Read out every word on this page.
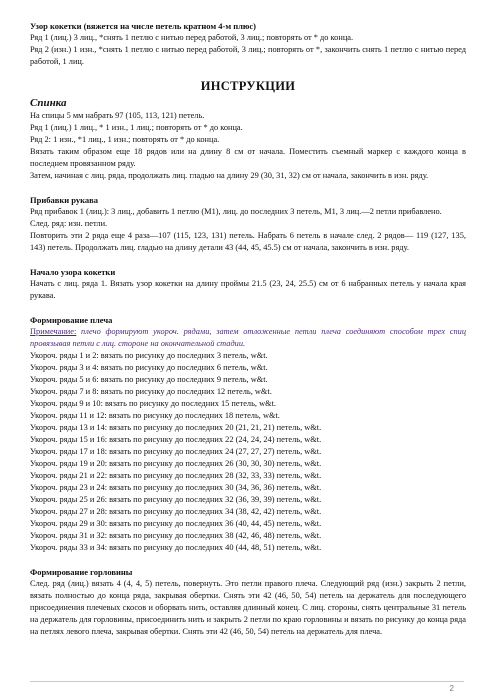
Узор кокетки (вяжется на числе петель кратном 4-м плюс)

Ряд 1 (лиц.) 3 лиц., *снять 1 петлю с нитью перед работой, 3 лиц.; повторять от * до конца.

Ряд 2 (изн.) 1 изн., *снять 1 петлю с нитью перед работой, 3 лиц.; повторять от *, закончить снять 1 петлю с нитью перед работой, 1 лиц.

ИНСТРУКЦИИ
Спинка

На спицы 5 мм набрать 97 (105, 113, 121) петель.

Ряд 1 (лиц.) 1 лиц., * 1 изн., 1 лиц.; повторять от * до конца.

Ряд 2: 1 изн., *1 лиц., 1 изн.; повторять от * до конца.

Вязать таким образом еще 18 рядов или на длину 8 см от начала. Поместить съемный маркер с каждого конца в последнем провязанном ряду.

Затем, начиная с лиц. ряда, продолжать лиц. гладью на длину 29 (30, 31, 32) см от начала, закончить в изн. ряду.

Прибавки рукава

Ряд прибавок 1 (лиц.): 3 лиц., добавить 1 петлю (М1), лиц. до последних 3 петель, М1, 3 лиц.—2 петли прибавлено.

След. ряд: изн. петли.

Повторить эти 2 ряда еще 4 раза—107 (115, 123, 131) петель. Набрать 6 петель в начале след. 2 рядов— 119 (127, 135, 143) петель. Продолжать лиц. гладью на длину детали 43 (44, 45, 45.5) см от начала, закончить в изн. ряду.

Начало узора кокетки

Начать с лиц. ряда 1. Вязать узор кокетки на длину проймы 21.5 (23, 24, 25.5) см от 6 набранных петель у начала края рукава.

Формирование плеча

Примечание: плечо формируют укороч. рядами, затем отложенные петли плеча соединяют способом трех спиц провязывая петли с лиц. стороне на окончательной стадии.

Укороч. ряды 1 и 2: вязать по рисунку до последних 3 петель, w&t.

Укороч. ряды 3 и 4: вязать по рисунку до последних 6 петель, w&t.

Укороч. ряды 5 и 6: вязать по рисунку до последних 9 петель, w&t.

Укороч. ряды 7 и 8: вязать по рисунку до последних 12 петель, w&t.

Укороч. ряды 9 и 10: вязать по рисунку до последних 15 петель, w&t.

Укороч. ряды 11 и 12: вязать по рисунку до последних 18 петель, w&t.

Укороч. ряды 13 и 14: вязать по рисунку до последних 20 (21, 21, 21) петель, w&t.

Укороч. ряды 15 и 16: вязать по рисунку до последних 22 (24, 24, 24) петель, w&t.

Укороч. ряды 17 и 18: вязать по рисунку до последних 24 (27, 27, 27) петель, w&t.

Укороч. ряды 19 и 20: вязать по рисунку до последних 26 (30, 30, 30) петель, w&t.

Укороч. ряды 21 и 22: вязать по рисунку до последних 28 (32, 33, 33) петель, w&t.

Укороч. ряды 23 и 24: вязать по рисунку до последних 30 (34, 36, 36) петель, w&t.

Укороч. ряды 25 и 26: вязать по рисунку до последних 32 (36, 39, 39) петель, w&t.

Укороч. ряды 27 и 28: вязать по рисунку до последних 34 (38, 42, 42) петель, w&t.

Укороч. ряды 29 и 30: вязать по рисунку до последних 36 (40, 44, 45) петель, w&t.

Укороч. ряды 31 и 32: вязать по рисунку до последних 38 (42, 46, 48) петель, w&t.

Укороч. ряды 33 и 34: вязать по рисунку до последних 40 (44, 48, 51) петель, w&t.

Формирование горловины

След. ряд (лиц.) вязать 4 (4, 4, 5) петель, повернуть. Это петли правого плеча. Следующий ряд (изн.) закрыть 2 петли, вязать полностью до конца ряда, закрывая обертки. Снять эти 42 (46, 50, 54) петель на держатель для последующего присоединения плечевых скосов и оборвать нить, оставляя длинный конец. С лиц. стороны, снять центральные 31 петель на держатель для горловины, присоединить нить и закрыть 2 петли по краю горловины и вязать по рисунку до конца ряда на петлях левого плеча, закрывая обертки. Снять эти 42 (46, 50, 54) петель на держатель для плеча.

2
